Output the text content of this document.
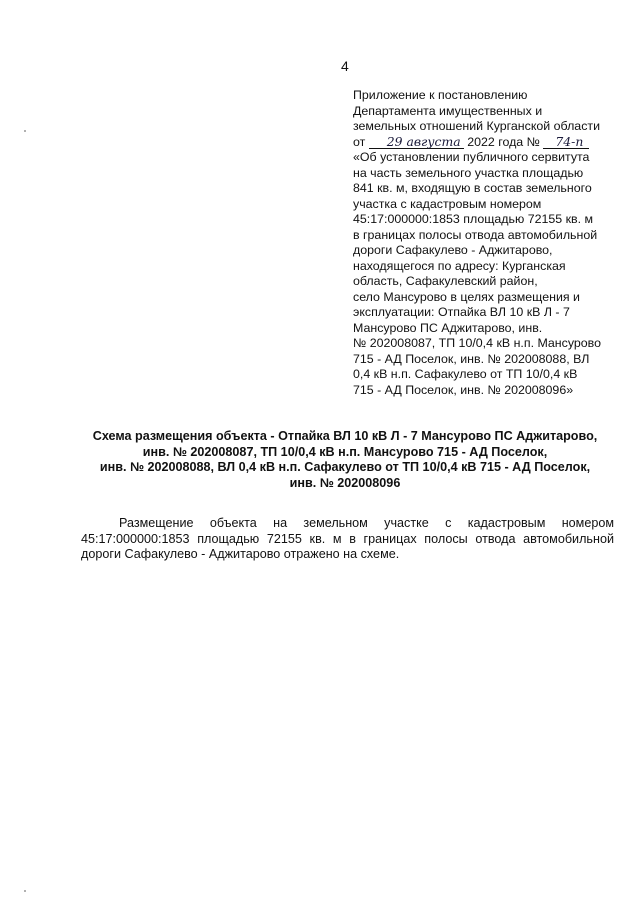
4
Приложение к постановлению
Департамента имущественных и
земельных отношений Курганской области
от 29 августа 2022 года № 74-п
«Об установлении публичного сервитута
на часть земельного участка площадью
841 кв. м, входящую в состав земельного
участка с кадастровым номером
45:17:000000:1853 площадью 72155 кв. м
в границах полосы отвода автомобильной
дороги Сафакулево - Аджитарово,
находящегося по адресу: Курганская
область, Сафакулевский район,
село Мансурово в целях размещения и
эксплуатации: Отпайка ВЛ 10 кВ Л - 7
Мансурово ПС Аджитарово, инв.
№ 202008087, ТП 10/0,4 кВ н.п. Мансурово
715 - АД Поселок, инв. № 202008088, ВЛ
0,4 кВ н.п. Сафакулево от ТП 10/0,4 кВ
715 - АД Поселок, инв. № 202008096»
Схема размещения объекта - Отпайка ВЛ 10 кВ Л - 7 Мансурово ПС Аджитарово,
инв. № 202008087, ТП 10/0,4 кВ н.п. Мансурово 715 - АД Поселок,
инв. № 202008088, ВЛ 0,4 кВ н.п. Сафакулево от ТП 10/0,4 кВ 715 - АД Поселок,
инв. № 202008096
Размещение объекта на земельном участке с кадастровым номером
45:17:000000:1853 площадью 72155 кв. м в границах полосы отвода автомобильной
дороги Сафакулево - Аджитарово отражено на схеме.
